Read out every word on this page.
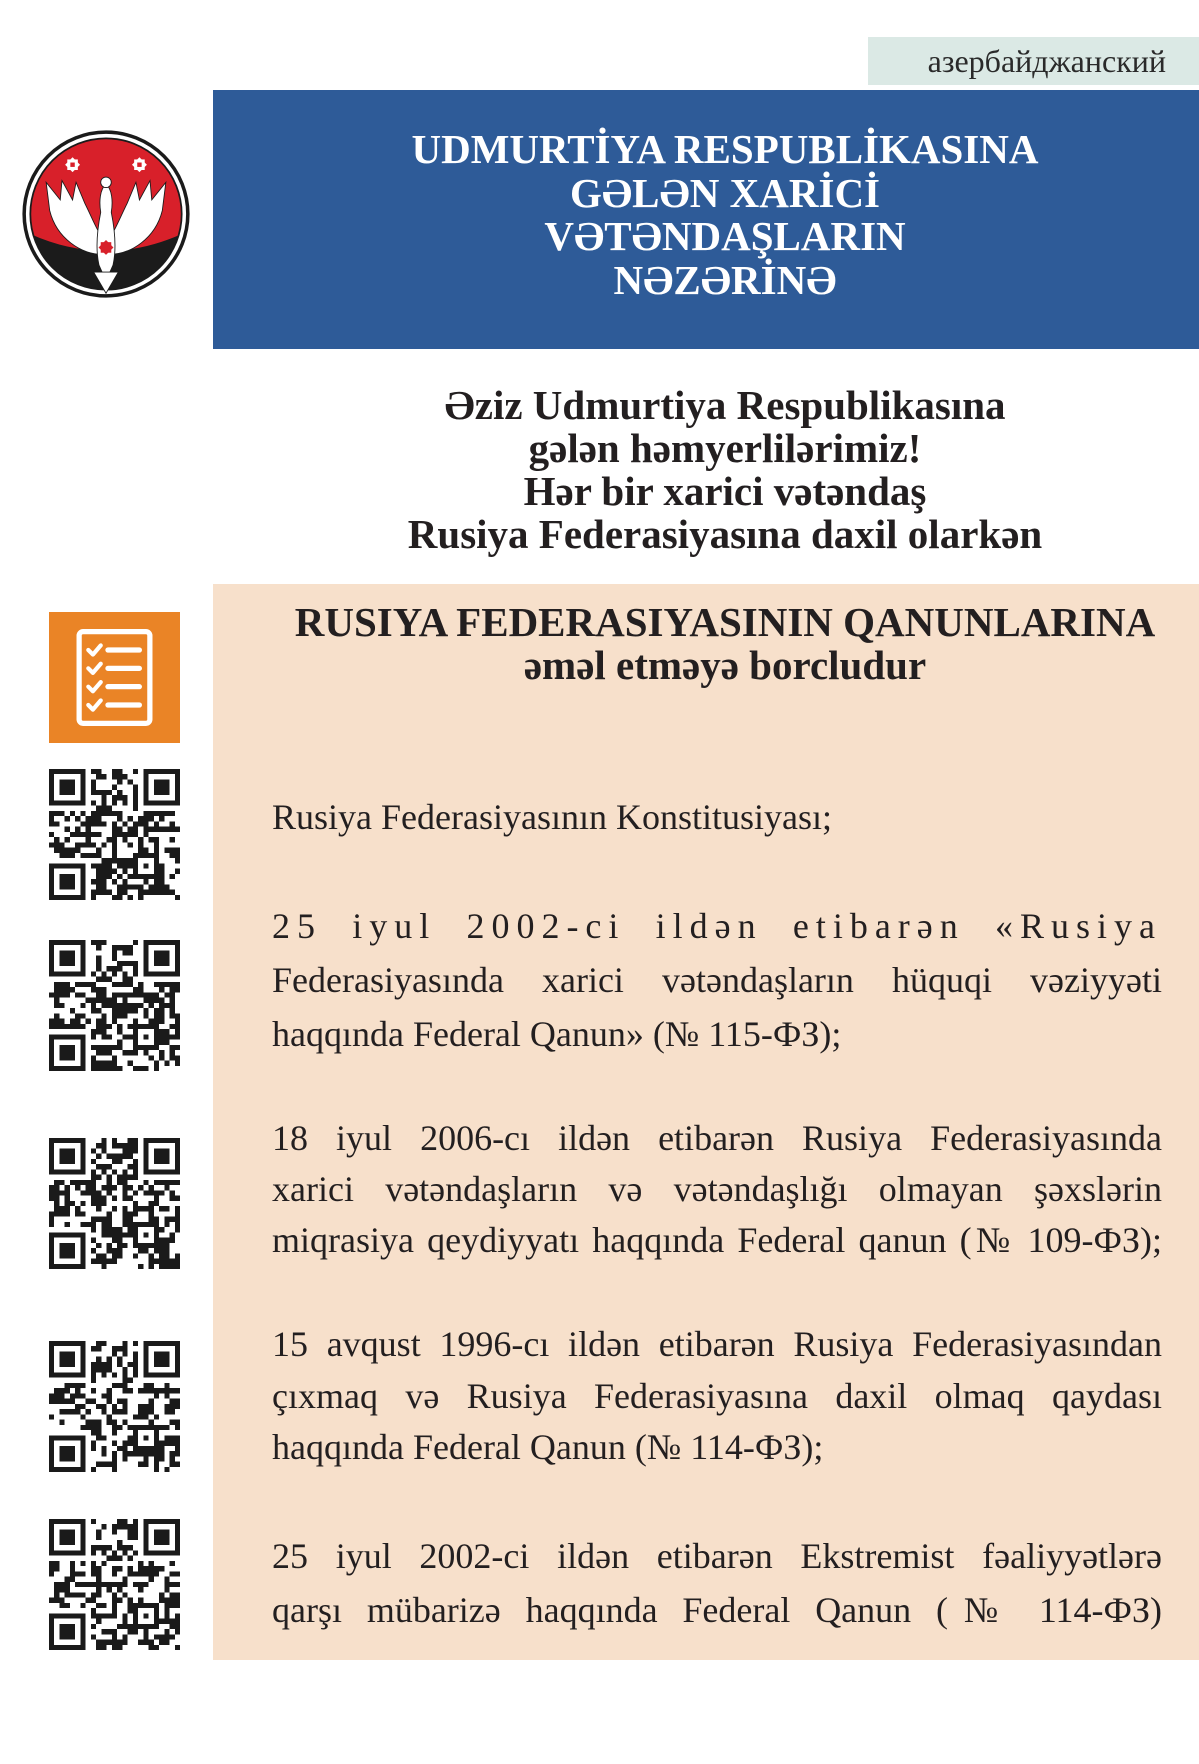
азербайджанский
UDMURTİYA RESPUBLİKASINA
GƏLƏN XARİCİ
VƏTƏNDAŞLARIN
NƏZƏRİNƏ
Əziz Udmurtiya Respublikasına
gələn həmyerlilərimiz!
Hər bir xarici vətəndaş
Rusiya Federasiyasına daxil olarkən
RUSIYA FEDERASIYASININ QANUNLARINA
əməl etməyə borcludur
Rusiya Federasiyasının Konstitusiyası;
25 iyul 2002-ci ildən etibarən «Rusiya
Federasiyasında xarici vətəndaşların hüquqi vəziyyəti
haqqında Federal Qanun» (№ 115-ФЗ);
18 iyul 2006-cı ildən etibarən Rusiya Federasiyasında
xarici vətəndaşların və vətəndaşlığı olmayan şəxslərin
miqrasiya qeydiyyatı haqqında Federal qanun (№ 109-ФЗ);
15 avqust 1996-cı ildən etibarən Rusiya Federasiyasından
çıxmaq və Rusiya Federasiyasına daxil olmaq qaydası
haqqında Federal Qanun (№ 114-ФЗ);
25 iyul 2002-ci ildən etibarən Ekstremist fəaliyyətlərə
qarşı mübarizə haqqında Federal Qanun (№ 114-ФЗ)
